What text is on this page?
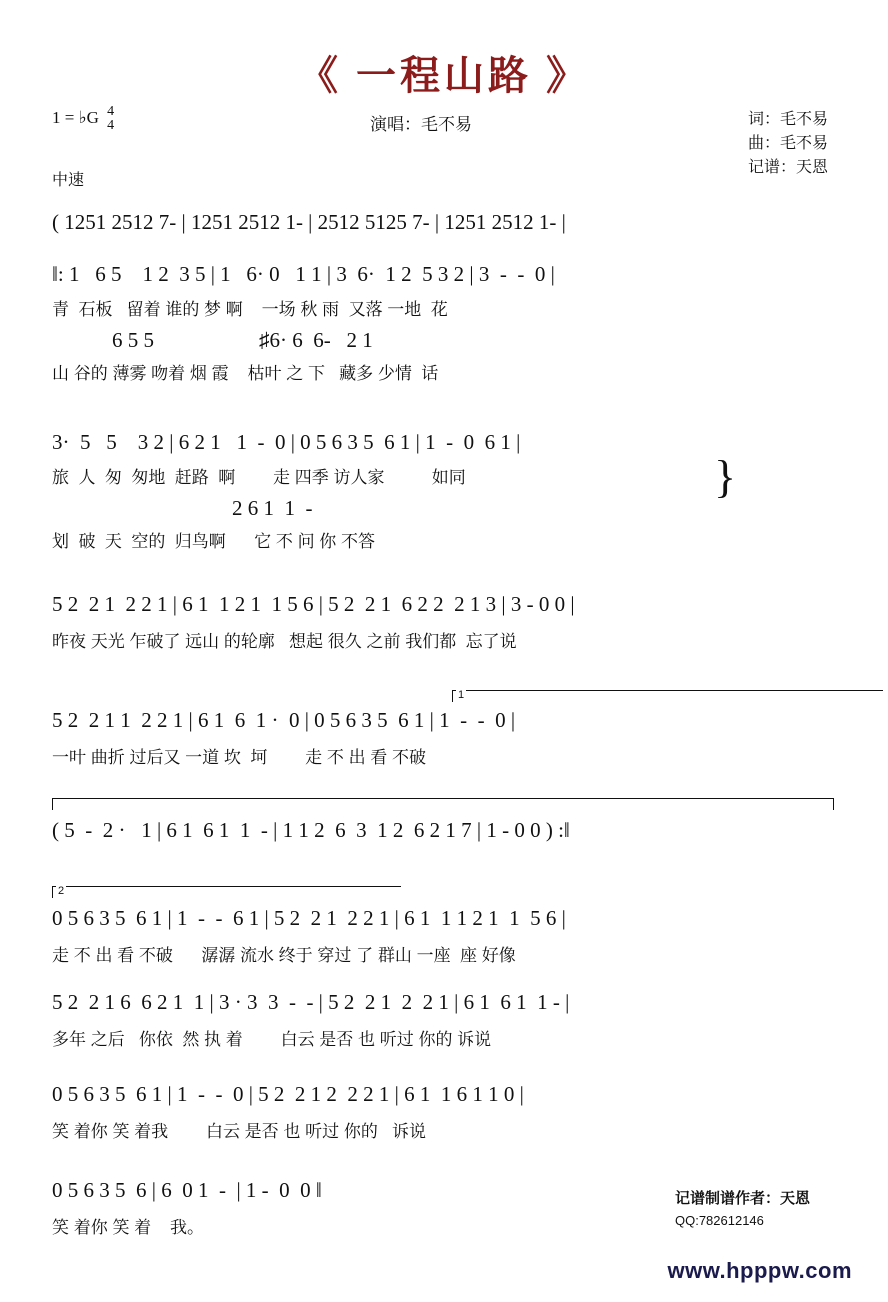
《 一程山路 》
1 = ♭G 4
4
中速
演唱：毛不易	词：毛不易
曲：毛不易
记谱：天恩
( 1251 2512 7- | 1251 2512 1- | 2512 5125 7- | 1251 2512 1- |
‖: 1   6 5    1 2  3 5 | 1   6· 0   1 1 | 3  6·  1 2  5 3 2 | 3  -  -  0 |
青  石板   留着 谁的 梦 啊    一场 秋 雨  又落 一地  花
6 5 5                    ♯6· 6  6-   2 1
山 谷的 薄雾 吻着 烟 霞    枯叶 之 下   藏多 少情  话
3·  5   5    3 2 | 6 2 1   1  -  0 | 0 5 6 3 5  6 1 | 1  -  0  6 1 |
旅  人  匆  匆地  赶路  啊        走 四季 访人家          如同
2 6 1  1  -
划  破  天  空的  归鸟啊      它 不 问 你 不答
}
5 2  2 1  2 2 1 | 6 1  1 2 1  1 5 6 | 5 2  2 1  6 2 2  2 1 3 | 3 - 0 0 |
昨夜 天光 乍破了 远山 的轮廓   想起 很久 之前 我们都  忘了说
1
5 2  2 1 1  2 2 1 | 6 1  6  1 ·  0 | 0 5 6 3 5  6 1 | 1  -  -  0 |
一叶 曲折 过后又 一道 坎  坷        走 不 出 看 不破
( 5  -  2 ·   1 | 6 1  6 1  1  - | 1 1 2  6  3  1 2  6 2 1 7 | 1 - 0 0 ) :‖
2
0 5 6 3 5  6 1 | 1  -  -  6 1 | 5 2  2 1  2 2 1 | 6 1  1 1 2 1  1  5 6 |
走 不 出 看 不破      潺潺 流水 终于 穿过 了 群山 一座  座 好像
5 2  2 1 6  6 2 1  1 | 3 · 3  3  -  - | 5 2  2 1  2  2 1 | 6 1  6 1  1 - |
多年 之后   你依  然 执 着        白云 是否 也 听过 你的 诉说
0 5 6 3 5  6 1 | 1  -  -  0 | 5 2  2 1 2  2 2 1 | 6 1  1 6 1 1 0 |
笑 着你 笑 着我        白云 是否 也 听过 你的   诉说
0 5 6 3 5  6 | 6  0 1  -  | 1 -  0  0 ‖
笑 着你 笑 着    我。
记谱制谱作者：天恩
QQ:782612146
www.hpppw.com
